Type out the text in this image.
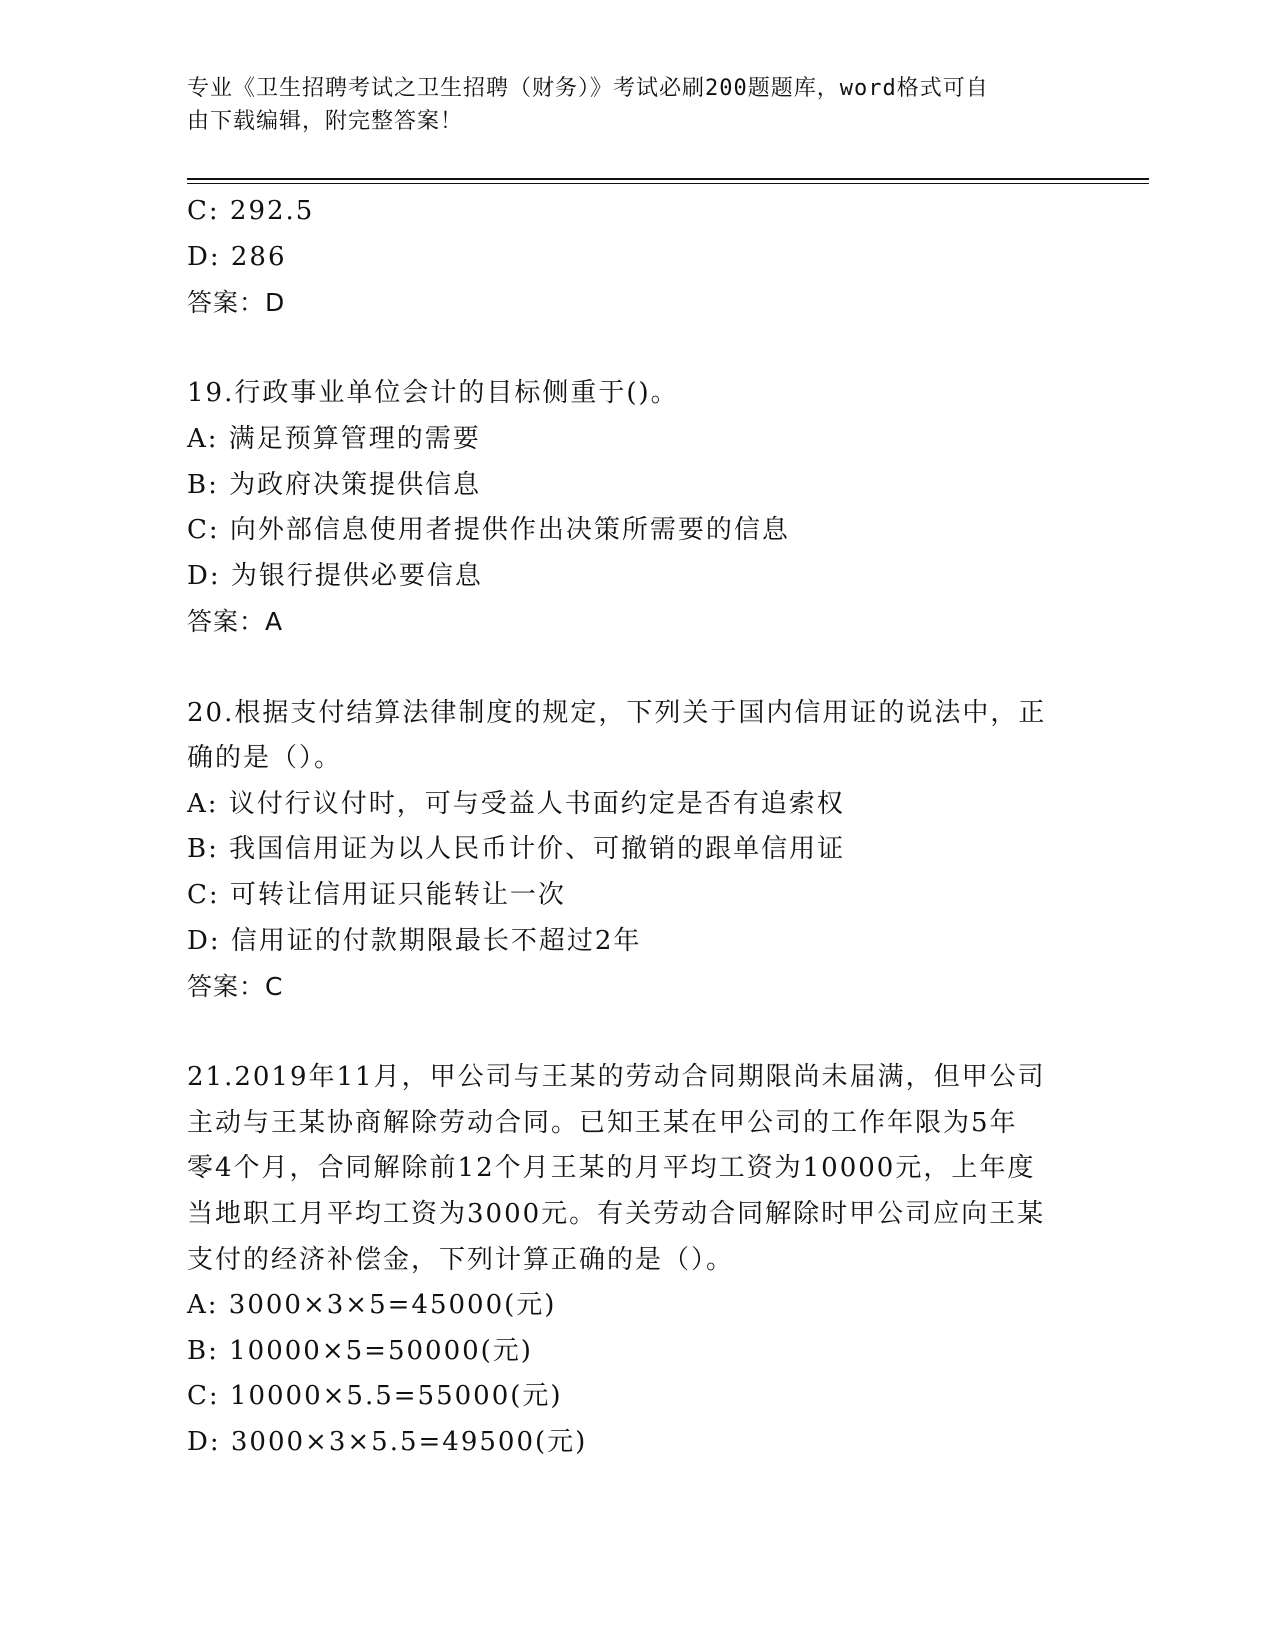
专业《卫生招聘考试之卫生招聘（财务）》考试必刷200题题库，word格式可自
由下载编辑，附完整答案！
C: 292.5
D: 286
答案：D
19.行政事业单位会计的目标侧重于()。
A: 满足预算管理的需要
B: 为政府决策提供信息
C: 向外部信息使用者提供作出决策所需要的信息
D: 为银行提供必要信息
答案：A
20.根据支付结算法律制度的规定，下列关于国内信用证的说法中，正
确的是（）。
A: 议付行议付时，可与受益人书面约定是否有追索权
B: 我国信用证为以人民币计价、可撤销的跟单信用证
C: 可转让信用证只能转让一次
D: 信用证的付款期限最长不超过2年
答案：C
21.2019年11月，甲公司与王某的劳动合同期限尚未届满，但甲公司
主动与王某协商解除劳动合同。已知王某在甲公司的工作年限为5年
零4个月，合同解除前12个月王某的月平均工资为10000元，上年度
当地职工月平均工资为3000元。有关劳动合同解除时甲公司应向王某
支付的经济补偿金，下列计算正确的是（）。
A: 3000×3×5=45000(元)
B: 10000×5=50000(元)
C: 10000×5.5=55000(元)
D: 3000×3×5.5=49500(元)
